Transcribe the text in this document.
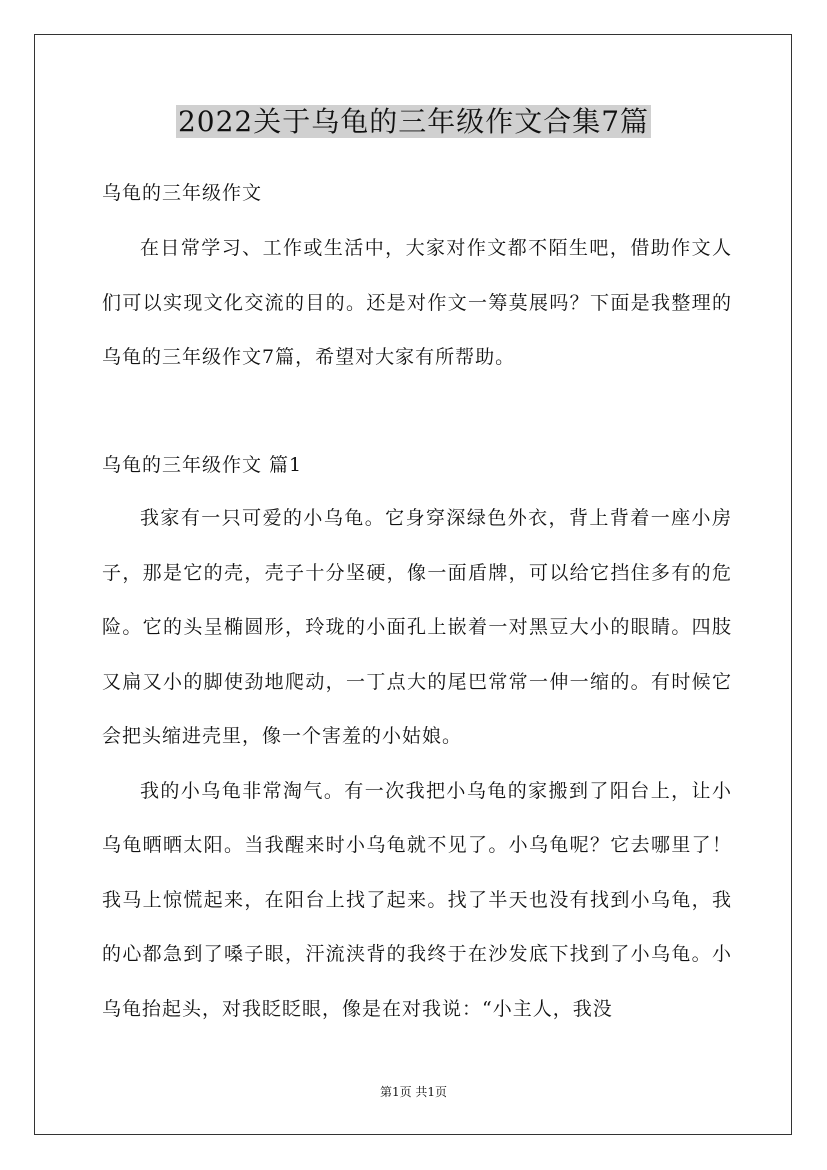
2022关于乌龟的三年级作文合集7篇
乌龟的三年级作文

在日常学习、工作或生活中，大家对作文都不陌生吧，借助作文人们可以实现文化交流的目的。还是对作文一筹莫展吗？下面是我整理的乌龟的三年级作文7篇，希望对大家有所帮助。

乌龟的三年级作文 篇1

我家有一只可爱的小乌龟。它身穿深绿色外衣，背上背着一座小房子，那是它的壳，壳子十分坚硬，像一面盾牌，可以给它挡住多有的危险。它的头呈椭圆形，玲珑的小面孔上嵌着一对黑豆大小的眼睛。四肢又扁又小的脚使劲地爬动，一丁点大的尾巴常常一伸一缩的。有时候它会把头缩进壳里，像一个害羞的小姑娘。

我的小乌龟非常淘气。有一次我把小乌龟的家搬到了阳台上，让小乌龟晒晒太阳。当我醒来时小乌龟就不见了。小乌龟呢？它去哪里了！我马上惊慌起来，在阳台上找了起来。找了半天也没有找到小乌龟，我的心都急到了嗓子眼，汗流浃背的我终于在沙发底下找到了小乌龟。小乌龟抬起头，对我眨眨眼，像是在对我说：“小主人，我没

第1页 共1页
